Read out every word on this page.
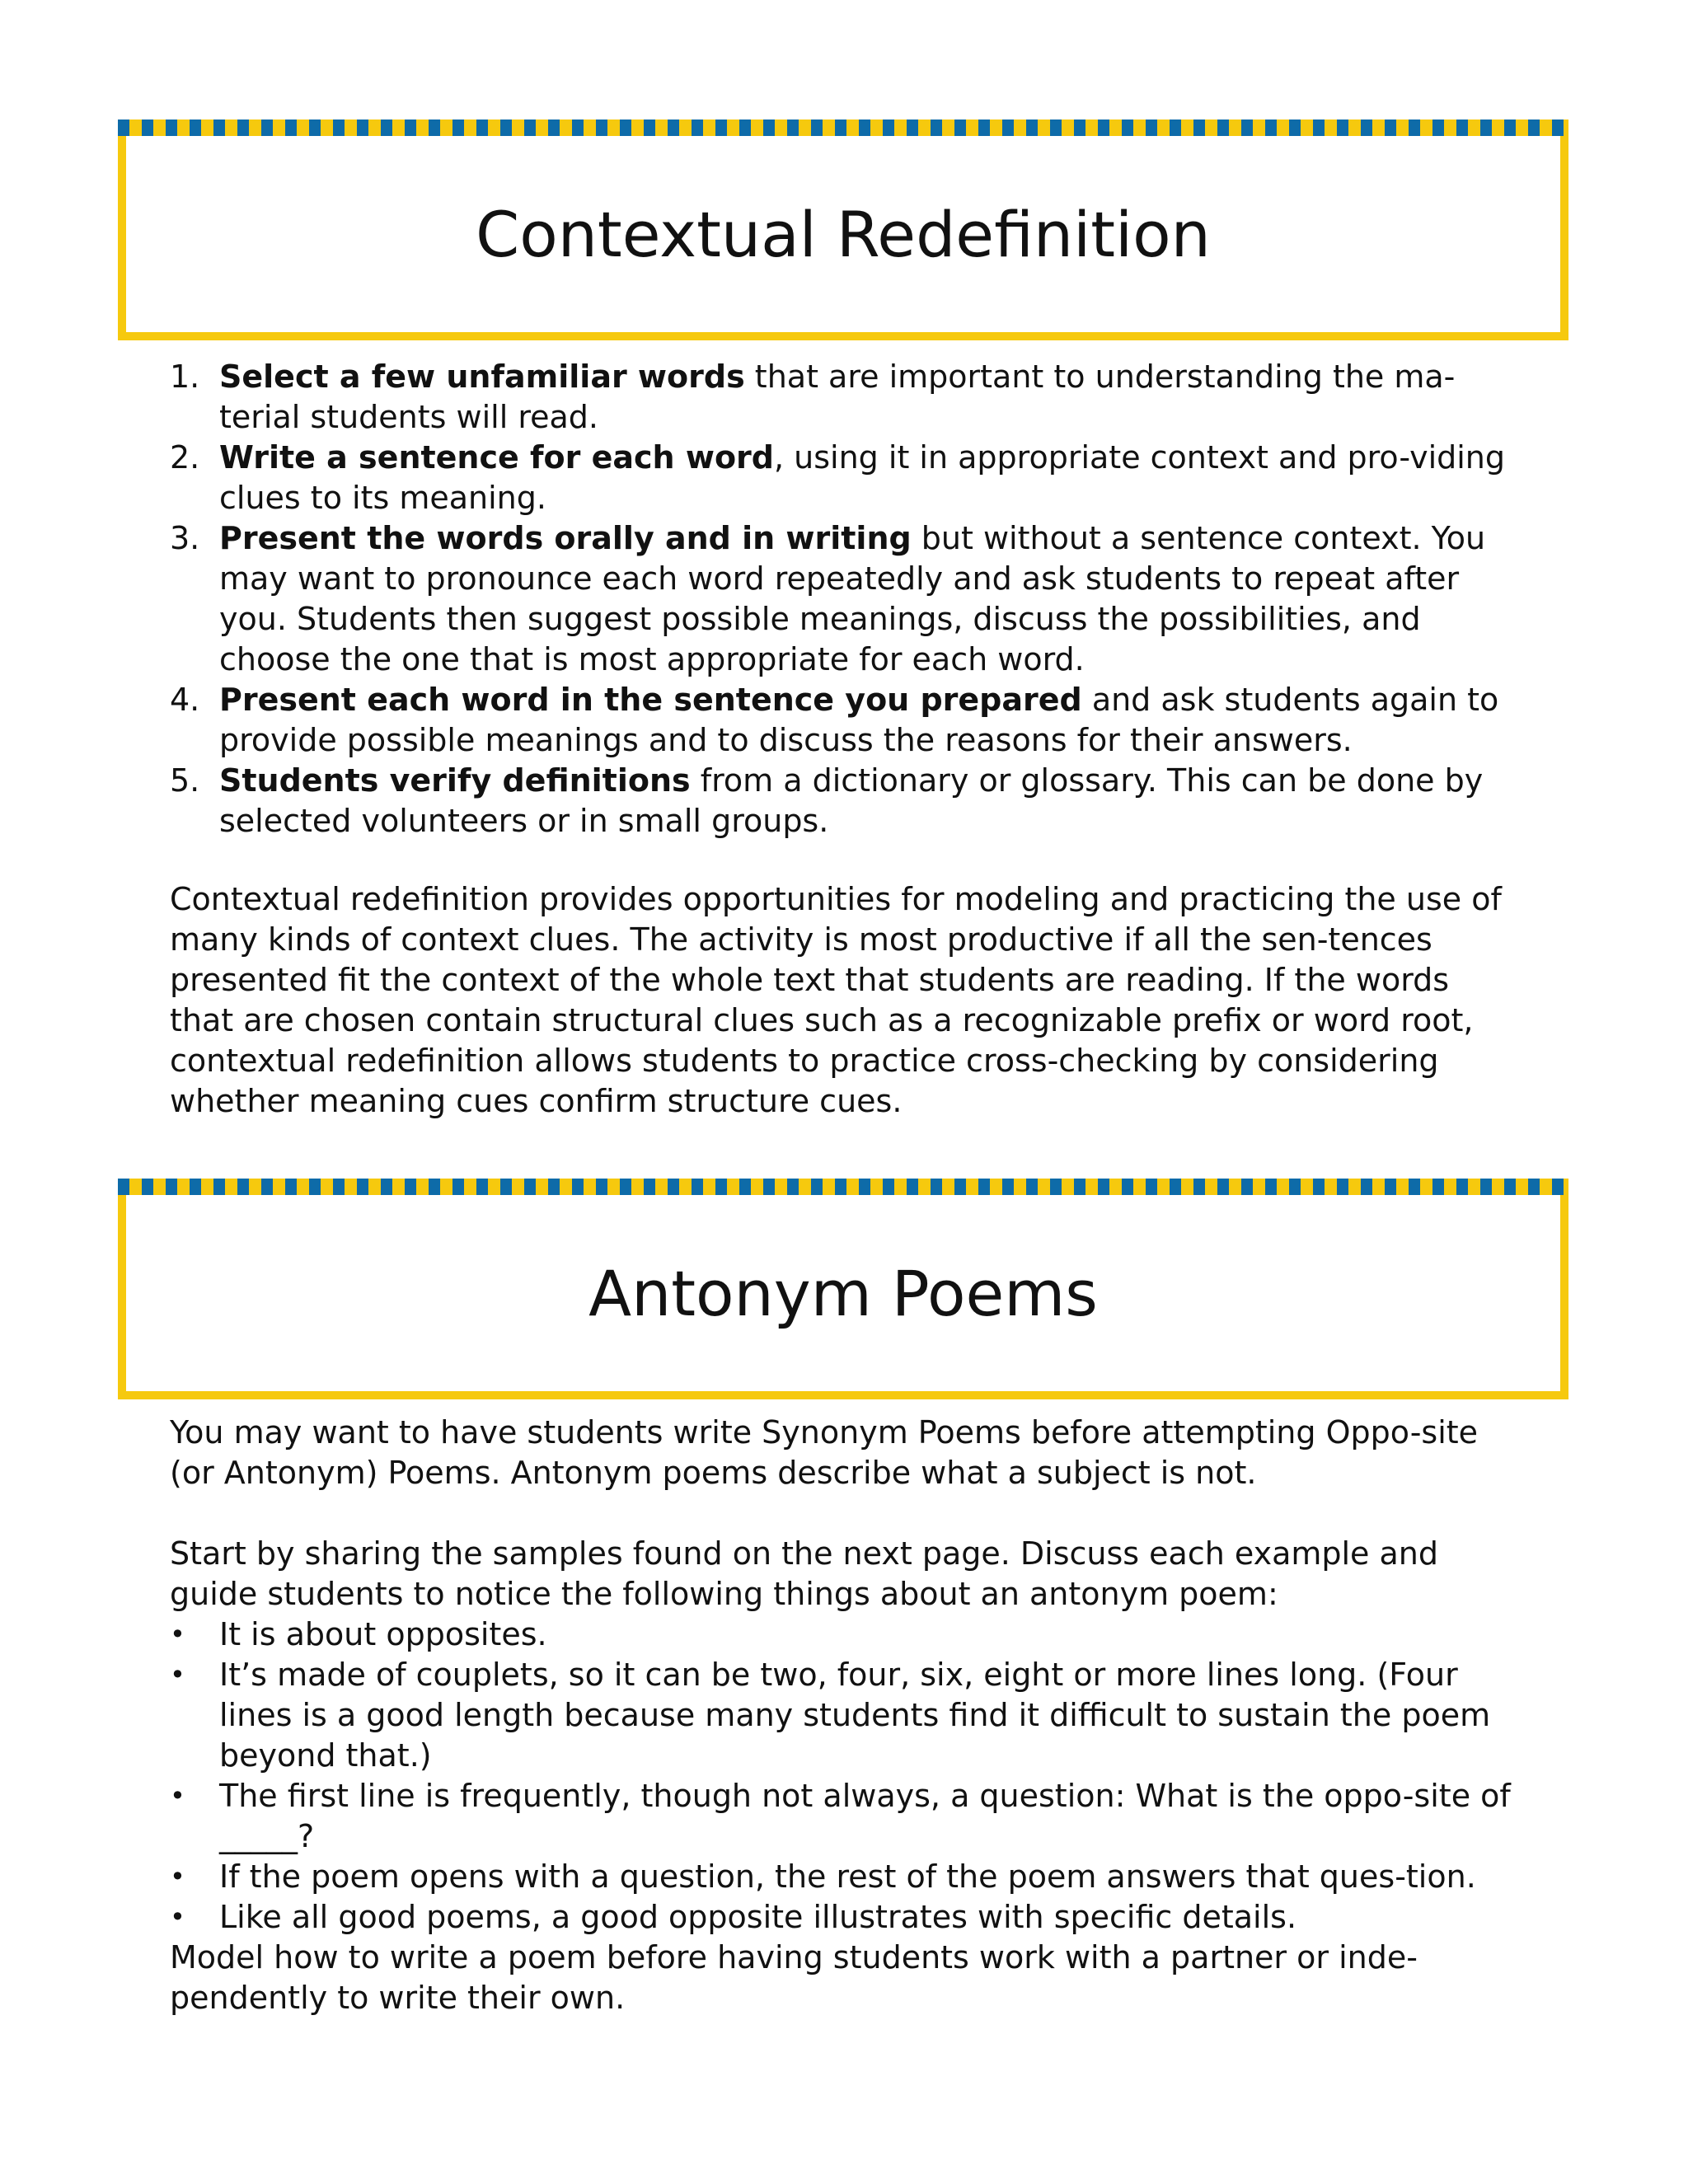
Contextual Redefinition
1. Select a few unfamiliar words that are important to understanding the ma-terial students will read.
2. Write a sentence for each word, using it in appropriate context and pro-viding clues to its meaning.
3. Present the words orally and in writing but without a sentence context. You may want to pronounce each word repeatedly and ask students to repeat after you. Students then suggest possible meanings, discuss the possibilities, and choose the one that is most appropriate for each word.
4. Present each word in the sentence you prepared and ask students again to provide possible meanings and to discuss the reasons for their answers.
5. Students verify definitions from a dictionary or glossary. This can be done by selected volunteers or in small groups.

Contextual redefinition provides opportunities for modeling and practicing the use of many kinds of context clues. The activity is most productive if all the sen-tences presented fit the context of the whole text that students are reading. If the words that are chosen contain structural clues such as a recognizable prefix or word root, contextual redefinition allows students to practice cross-checking by considering whether meaning cues confirm structure cues.

Antonym Poems

You may want to have students write Synonym Poems before attempting Oppo-site (or Antonym) Poems. Antonym poems describe what a subject is not.

Start by sharing the samples found on the next page. Discuss each example and guide students to notice the following things about an antonym poem:

• It is about opposites.
• It’s made of couplets, so it can be two, four, six, eight or more lines long. (Four lines is a good length because many students find it difficult to sustain the poem beyond that.)
• The first line is frequently, though not always, a question: What is the oppo-site of _____?
• If the poem opens with a question, the rest of the poem answers that ques-tion.
• Like all good poems, a good opposite illustrates with specific details.

Model how to write a poem before having students work with a partner or inde-pendently to write their own.
